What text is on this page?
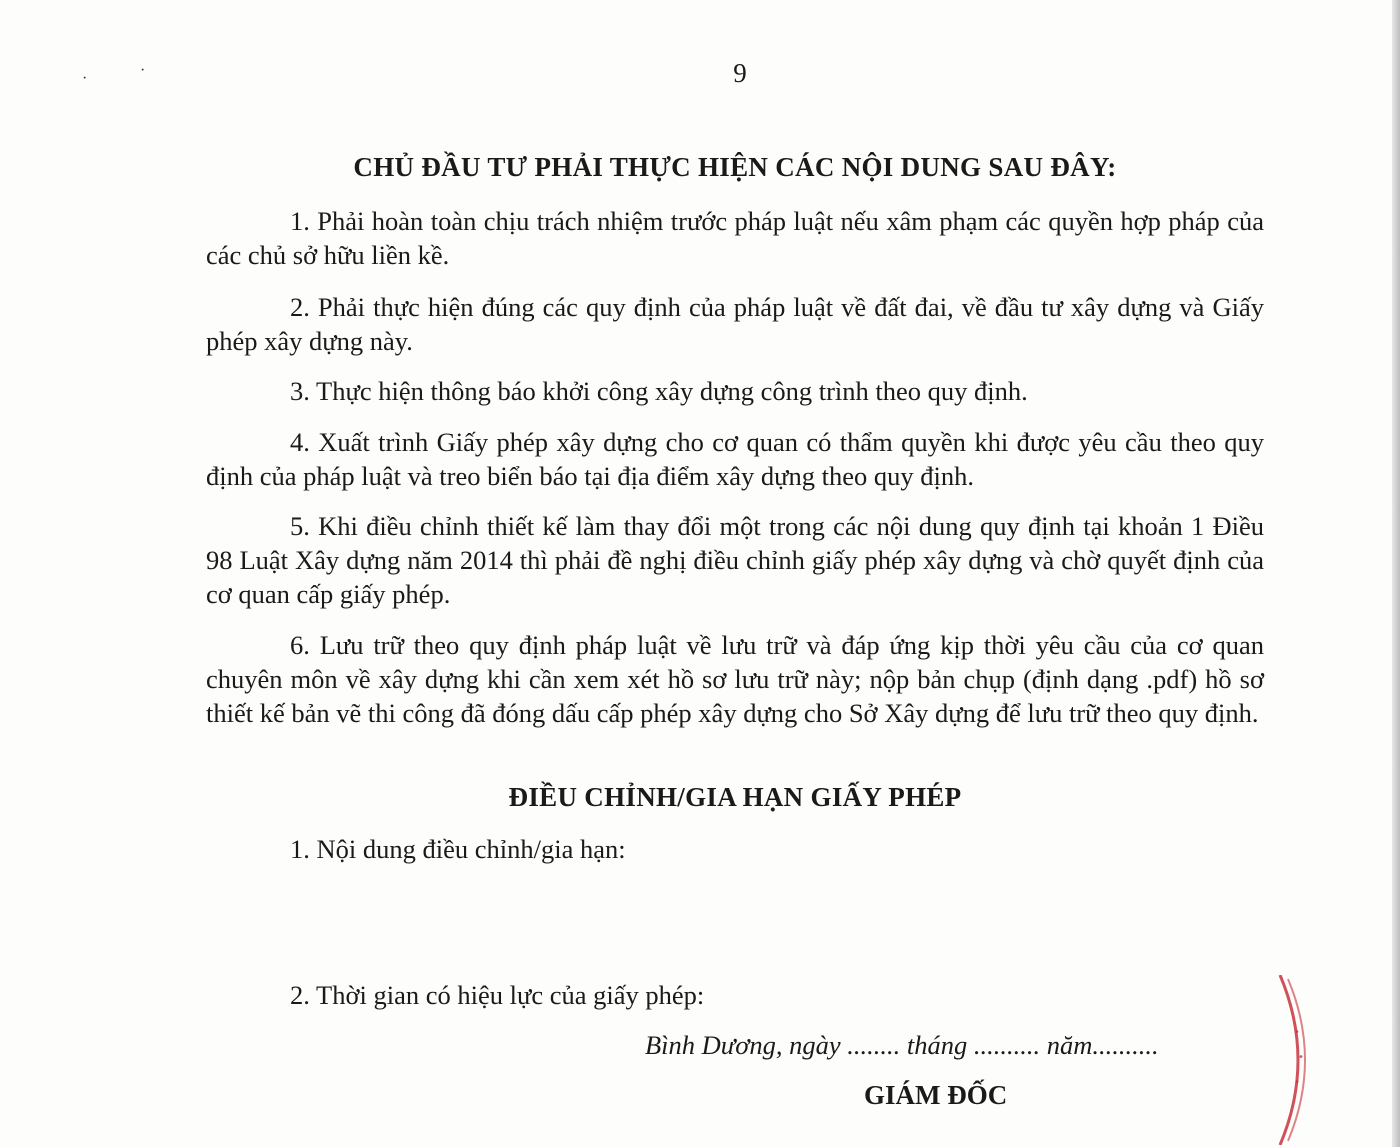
·	·	9
CHỦ ĐẦU TƯ PHẢI THỰC HIỆN CÁC NỘI DUNG SAU ĐÂY:
1. Phải hoàn toàn chịu trách nhiệm trước pháp luật nếu xâm phạm các quyền hợp pháp của các chủ sở hữu liền kề.
2. Phải thực hiện đúng các quy định của pháp luật về đất đai, về đầu tư xây dựng và Giấy phép xây dựng này.
3. Thực hiện thông báo khởi công xây dựng công trình theo quy định.
4. Xuất trình Giấy phép xây dựng cho cơ quan có thẩm quyền khi được yêu cầu theo quy định của pháp luật và treo biển báo tại địa điểm xây dựng theo quy định.
5. Khi điều chỉnh thiết kế làm thay đổi một trong các nội dung quy định tại khoản 1 Điều 98 Luật Xây dựng năm 2014 thì phải đề nghị điều chỉnh giấy phép xây dựng và chờ quyết định của cơ quan cấp giấy phép.
6. Lưu trữ theo quy định pháp luật về lưu trữ và đáp ứng kịp thời yêu cầu của cơ quan chuyên môn về xây dựng khi cần xem xét hồ sơ lưu trữ này; nộp bản chụp (định dạng .pdf) hồ sơ thiết kế bản vẽ thi công đã đóng dấu cấp phép xây dựng cho Sở Xây dựng để lưu trữ theo quy định.
ĐIỀU CHỈNH/GIA HẠN GIẤY PHÉP
1. Nội dung điều chỉnh/gia hạn:
2. Thời gian có hiệu lực của giấy phép:
Bình Dương, ngày ........ tháng .......... năm..........
GIÁM ĐỐC
•
•
•
